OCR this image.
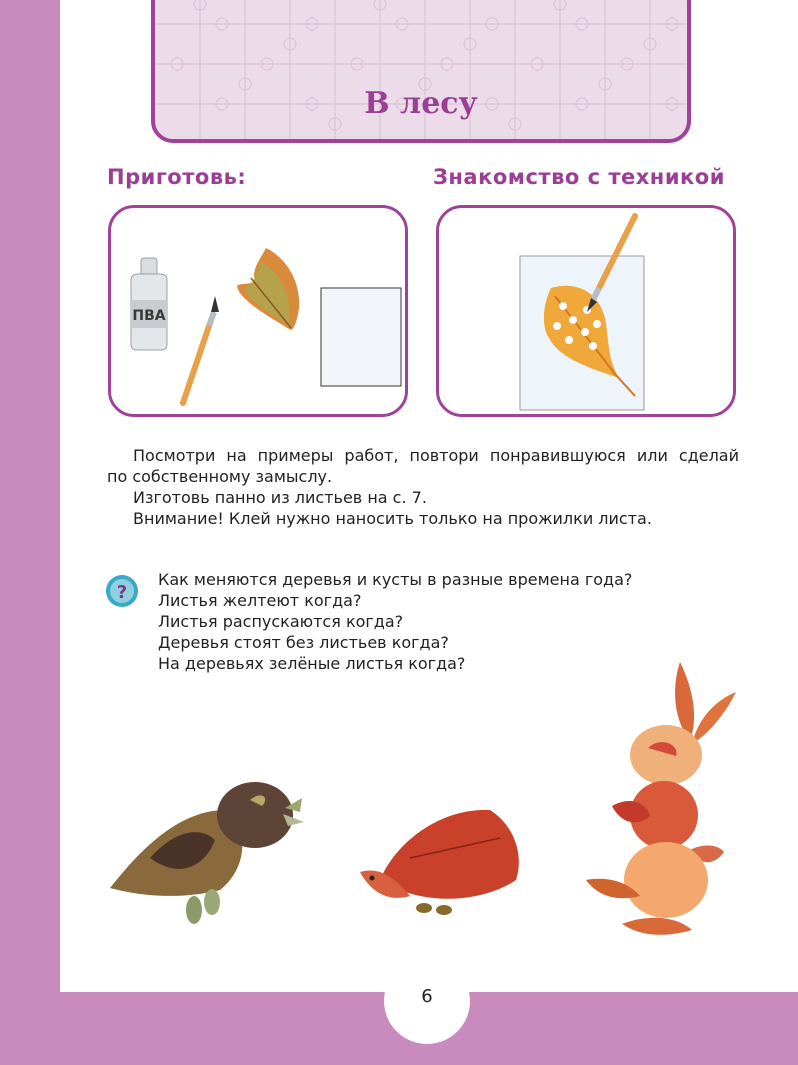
В лесу
Приготовь:	Знакомство с техникой
ПВА

Посмотри на примеры работ, повтори понравившуюся или сделай

по собственному замыслу.

Изготовь панно из листьев на с. 7.

Внимание! Клей нужно наносить только на прожилки листа.

?
Как меняются деревья и кусты в разные времена года?
Листья желтеют когда?
Листья распускаются когда?
Деревья стоят без листьев когда?
На деревьях зелёные листья когда?
6
